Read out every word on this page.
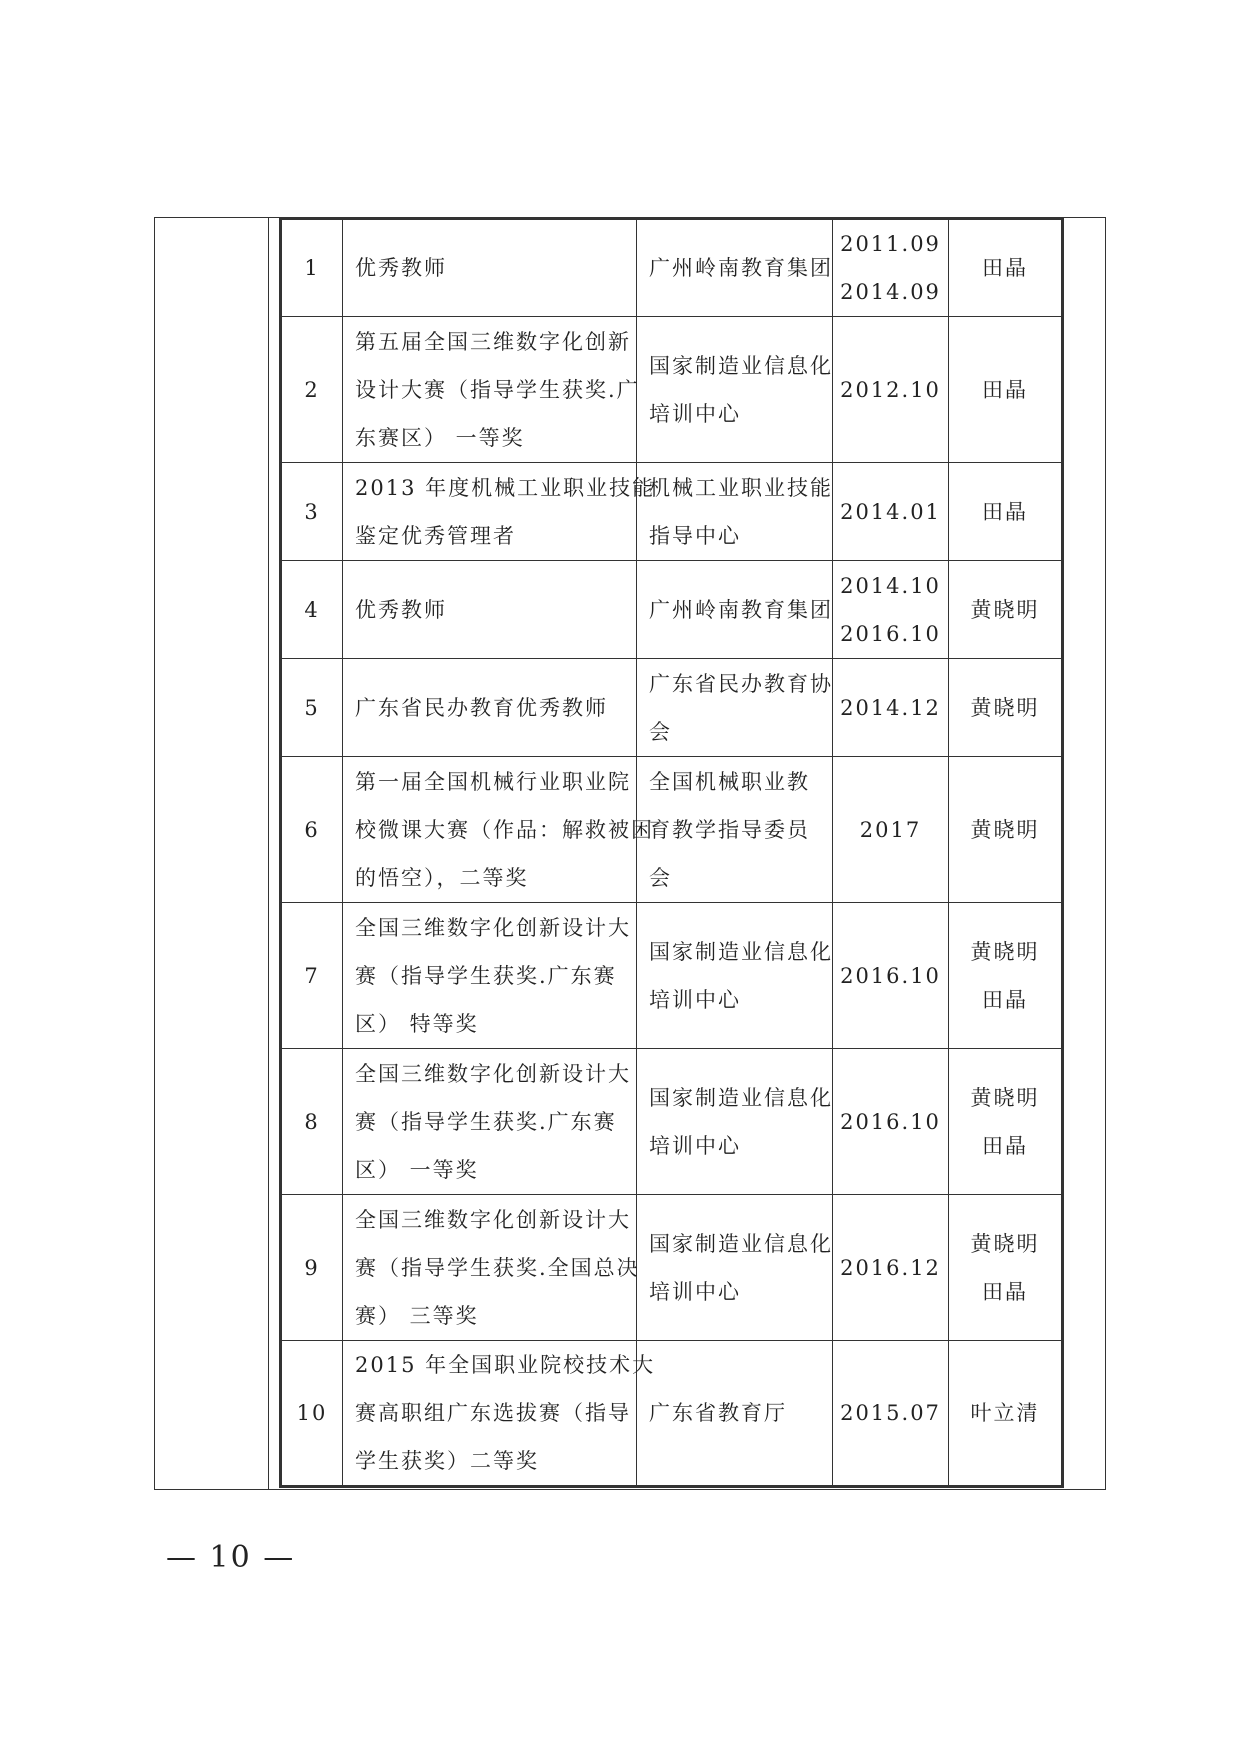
1	优秀教师	广州岭南教育集团	2011.09
2014.09	田晶

2	第五届全国三维数字化创新
设计大赛（指导学生获奖.广
东赛区） 一等奖	国家制造业信息化
培训中心	2012.10	田晶

3	2013 年度机械工业职业技能
鉴定优秀管理者	机械工业职业技能
指导中心	2014.01	田晶

4	优秀教师	广州岭南教育集团	2014.10
2016.10	黄晓明

5	广东省民办教育优秀教师	广东省民办教育协
会	2014.12	黄晓明

6	第一届全国机械行业职业院
校微课大赛（作品：解救被困
的悟空），二等奖	全国机械职业教
育教学指导委员
会	2017	黄晓明

7	全国三维数字化创新设计大
赛（指导学生获奖.广东赛
区） 特等奖	国家制造业信息化
培训中心	2016.10	黄晓明
田晶

8	全国三维数字化创新设计大
赛（指导学生获奖.广东赛
区） 一等奖	国家制造业信息化
培训中心	2016.10	黄晓明
田晶

9	全国三维数字化创新设计大
赛（指导学生获奖.全国总决
赛） 三等奖	国家制造业信息化
培训中心	2016.12	黄晓明
田晶

10	2015 年全国职业院校技术大
赛高职组广东选拔赛（指导
学生获奖）二等奖	广东省教育厅	2015.07	叶立清
— 10 —
